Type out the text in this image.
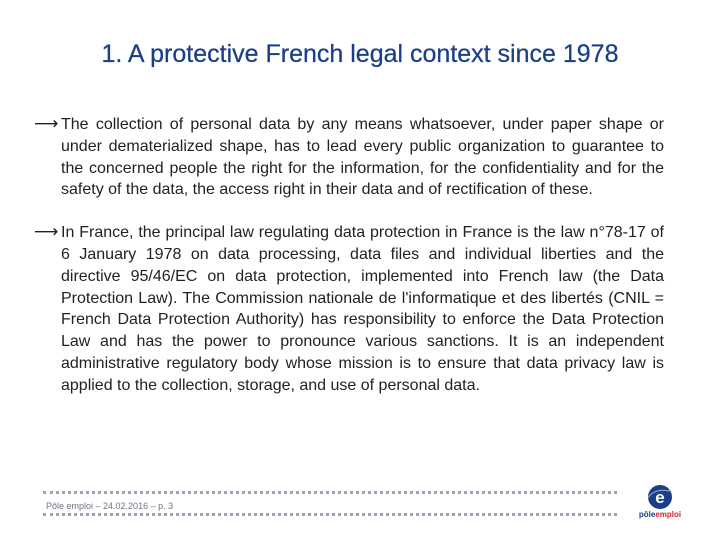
1. A protective French legal context since 1978
⟶ The collection of personal data by any means whatsoever, under paper shape or under dematerialized shape, has to lead every public organization to guarantee to the concerned people the right for the information, for the confidentiality and for the safety of the data, the access right in their data and of rectification of these.
⟶ In France, the principal law regulating data protection in France is the law n°78-17 of 6 January 1978 on data processing, data files and individual liberties and the directive 95/46/EC on data protection, implemented into French law (the Data Protection Law). The Commission nationale de l'informatique et des libertés (CNIL = French Data Protection Authority) has responsibility to enforce the Data Protection Law and has the power to pronounce various sanctions. It is an independent administrative regulatory body whose mission is to ensure that data privacy law is applied to the collection, storage, and use of personal data.
Pôle emploi – 24.02.2016 – p. 3	e
pôleemploi
